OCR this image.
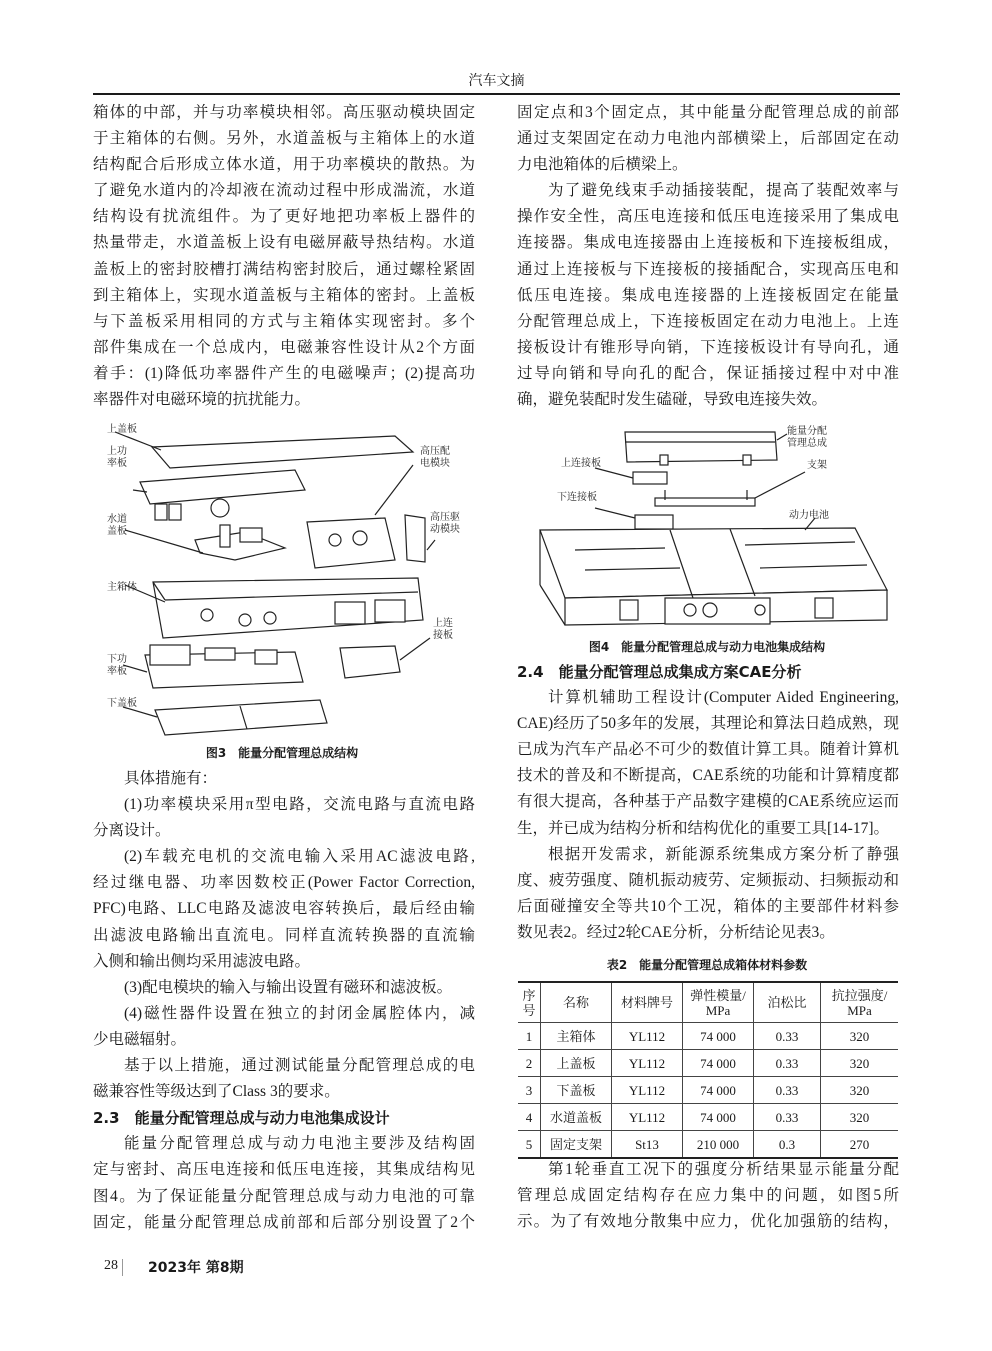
汽车文摘
箱体的中部，并与功率模块相邻。高压驱动模块固定
于主箱体的右侧。另外，水道盖板与主箱体上的水道
结构配合后形成立体水道，用于功率模块的散热。为
了避免水道内的冷却液在流动过程中形成湍流，水道
结构设有扰流组件。为了更好地把功率板上器件的
热量带走，水道盖板上设有电磁屏蔽导热结构。水道
盖板上的密封胶槽打满结构密封胶后，通过螺栓紧固
到主箱体上，实现水道盖板与主箱体的密封。上盖板
与下盖板采用相同的方式与主箱体实现密封。多个
部件集成在一个总成内，电磁兼容性设计从2个方面
着手：(1)降低功率器件产生的电磁噪声；(2)提高功
率器件对电磁环境的抗扰能力。
上盖板
上功
率板
水道
盖板
主箱体
下功
率板
下盖板
高压配
电模块
高压驱
动模块
上连
接板
图3　能量分配管理总成结构
具体措施有：
(1)功率模块采用π型电路，交流电路与直流电路
分离设计。
(2)车载充电机的交流电输入采用AC滤波电路,
经过继电器、功率因数校正(Power Factor Correction,
PFC)电路、LLC电路及滤波电容转换后，最后经由输
出滤波电路输出直流电。同样直流转换器的直流输
入侧和输出侧均采用滤波电路。
(3)配电模块的输入与输出设置有磁环和滤波板。
(4)磁性器件设置在独立的封闭金属腔体内，减
少电磁辐射。
基于以上措施，通过测试能量分配管理总成的电
磁兼容性等级达到了Class 3的要求。
2.3　能量分配管理总成与动力电池集成设计
能量分配管理总成与动力电池主要涉及结构固
定与密封、高压电连接和低压电连接，其集成结构见
图4。为了保证能量分配管理总成与动力电池的可靠
固定，能量分配管理总成前部和后部分别设置了2个
固定点和3个固定点，其中能量分配管理总成的前部
通过支架固定在动力电池内部横梁上，后部固定在动
力电池箱体的后横梁上。
为了避免线束手动插接装配，提高了装配效率与
操作安全性，高压电连接和低压电连接采用了集成电
连接器。集成电连接器由上连接板和下连接板组成，
通过上连接板与下连接板的接插配合，实现高压电和
低压电连接。集成电连接器的上连接板固定在能量
分配管理总成上，下连接板固定在动力电池上。上连
接板设计有锥形导向销，下连接板设计有导向孔，通
过导向销和导向孔的配合，保证插接过程中对中准
确，避免装配时发生磕碰，导致电连接失效。
能量分配
管理总成
上连接板	支架
下连接板
动力电池
图4　能量分配管理总成与动力电池集成结构
2.4　能量分配管理总成集成方案CAE分析
计算机辅助工程设计(Computer Aided Engineering,
CAE)经历了50多年的发展，其理论和算法日趋成熟，现
已成为汽车产品必不可少的数值计算工具。随着计算机
技术的普及和不断提高，CAE系统的功能和计算精度都
有很大提高，各种基于产品数字建模的CAE系统应运而
生，并已成为结构分析和结构优化的重要工具[14-17]。
根据开发需求，新能源系统集成方案分析了静强
度、疲劳强度、随机振动疲劳、定频振动、扫频振动和
后面碰撞安全等共10个工况，箱体的主要部件材料参
数见表2。经过2轮CAE分析，分析结论见表3。
表2　能量分配管理总成箱体材料参数
序
号	名称	材料牌号	弹性模量/
MPa	泊松比	抗拉强度/
MPa
1	主箱体	YL112	74 000	0.33	320
2	上盖板	YL112	74 000	0.33	320
3	下盖板	YL112	74 000	0.33	320
4	水道盖板	YL112	74 000	0.33	320
5	固定支架	St13	210 000	0.3	270
第1轮垂直工况下的强度分析结果显示能量分配
管理总成固定结构存在应力集中的问题，如图5所
示。为了有效地分散集中应力，优化加强筋的结构，
28 2023年 第8期
